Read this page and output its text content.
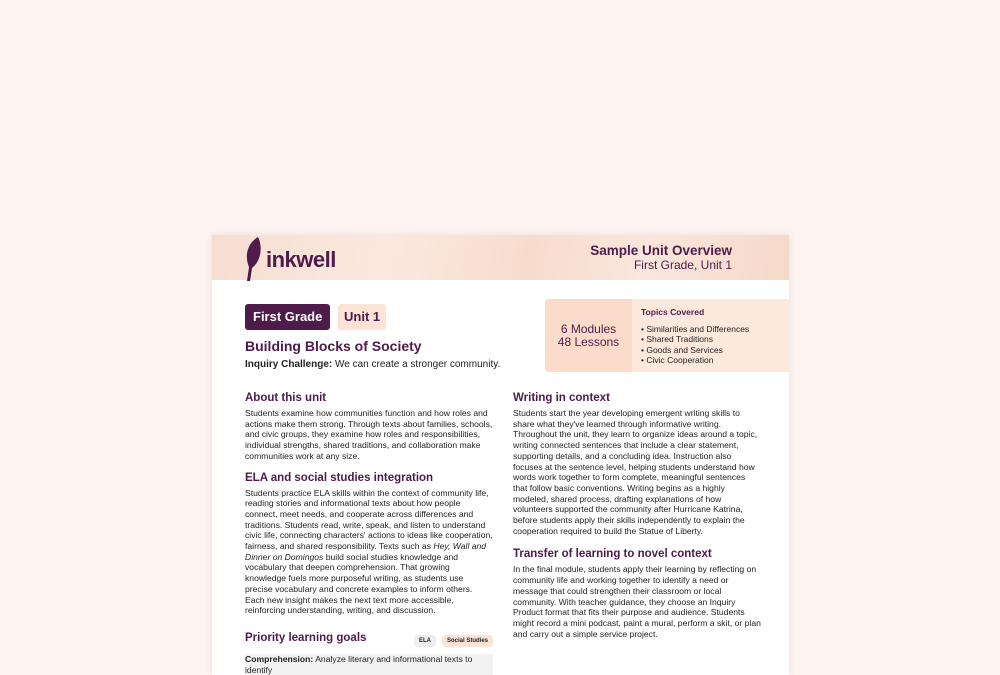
inkwell	Sample Unit Overview
First Grade, Unit 1
First Grade	Unit 1
Building Blocks of Society
Inquiry Challenge: We can create a stronger community.
6 Modules
48 Lessons
Topics Covered
• Similarities and Differences
• Shared Traditions
• Goods and Services
• Civic Cooperation
About this unit

Students examine how communities function and how roles and actions make them strong. Through texts about families, schools, and civic groups, they examine how roles and responsibilities, individual strengths, shared traditions, and collaboration make communities work at any size.

ELA and social studies integration

Students practice ELA skills within the context of community life, reading stories and informational texts about how people connect, meet needs, and cooperate across differences and traditions. Students read, write, speak, and listen to understand civic life, connecting characters' actions to ideas like cooperation, fairness, and shared responsibility. Texts such as Hey, Wall and Dinner on Domingos build social studies knowledge and vocabulary that deepen comprehension. That growing knowledge fuels more purposeful writing, as students use precise vocabulary and concrete examples to inform others. Each new insight makes the next text more accessible, reinforcing understanding, writing, and discussion.

Priority learning goals	ELA	Social Studies

Comprehension: Analyze literary and informational texts to identify

Writing in context

Students start the year developing emergent writing skills to share what they've learned through informative writing. Throughout the unit, they learn to organize ideas around a topic, writing connected sentences that include a clear statement, supporting details, and a concluding idea. Instruction also focuses at the sentence level, helping students understand how words work together to form complete, meaningful sentences that follow basic conventions. Writing begins as a highly modeled, shared process, drafting explanations of how volunteers supported the community after Hurricane Katrina, before students apply their skills independently to explain the cooperation required to build the Statue of Liberty.

Transfer of learning to novel context

In the final module, students apply their learning by reflecting on community life and working together to identify a need or message that could strengthen their classroom or local community. With teacher guidance, they choose an Inquiry Product format that fits their purpose and audience. Students might record a mini podcast, paint a mural, perform a skit, or plan and carry out a simple service project.
